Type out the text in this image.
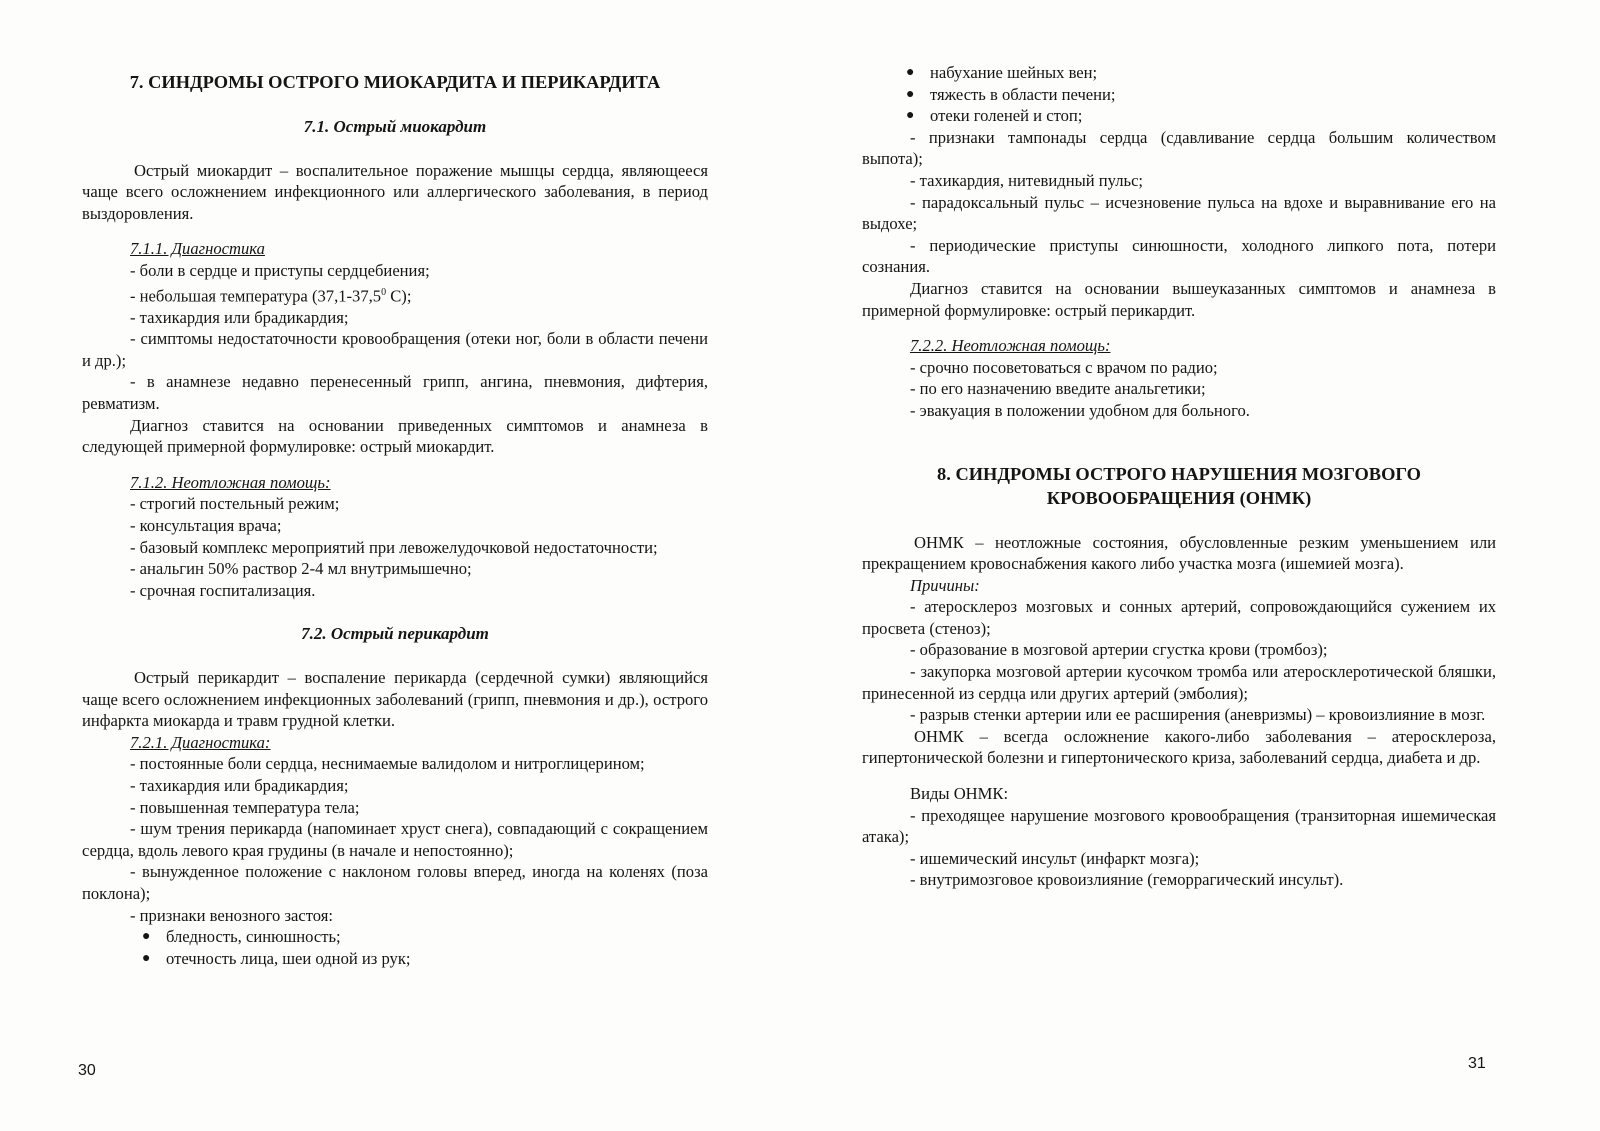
7. СИНДРОМЫ ОСТРОГО МИОКАРДИТА И ПЕРИКАРДИТА
7.1. Острый миокардит
Острый миокардит – воспалительное поражение мышцы сердца, являющееся чаще всего осложнением инфекционного или аллергического заболевания, в период выздоровления.
7.1.1. Диагностика
- боли в сердце и приступы сердцебиения;
- небольшая температура (37,1-37,5$^0$ С);
- тахикардия или брадикардия;
- симптомы недостаточности кровообращения (отеки ног, боли в области печени и др.);
- в анамнезе недавно перенесенный грипп, ангина, пневмония, дифтерия, ревматизм.
Диагноз ставится на основании приведенных симптомов и анамнеза в следующей примерной формулировке: острый миокардит.
7.1.2. Неотложная помощь:
- строгий постельный режим;
- консультация врача;
- базовый комплекс мероприятий при левожелудочковой недостаточности;
- анальгин 50% раствор 2-4 мл внутримышечно;
- срочная госпитализация.
7.2. Острый перикардит
Острый перикардит – воспаление перикарда (сердечной сумки) являющийся чаще всего осложнением инфекционных заболеваний (грипп, пневмония и др.), острого инфаркта миокарда и травм грудной клетки.
7.2.1. Диагностика:
- постоянные боли сердца, неснимаемые валидолом и нитроглицерином;
- тахикардия или брадикардия;
- повышенная температура тела;
- шум трения перикарда (напоминает хруст снега), совпадающий с сокращением сердца, вдоль левого края грудины (в начале и непостоянно);
- вынужденное положение с наклоном головы вперед, иногда на коленях (поза поклона);
- признаки венозного застоя:
● бледность, синюшность;
● отечность лица, шеи одной из рук;
30
● набухание шейных вен;
● тяжесть в области печени;
● отеки голеней и стоп;
- признаки тампонады сердца (сдавливание сердца большим количеством выпота);
- тахикардия, нитевидный пульс;
- парадоксальный пульс – исчезновение пульса на вдохе и выравнивание его на выдохе;
- периодические приступы синюшности, холодного липкого пота, потери сознания.
Диагноз ставится на основании вышеуказанных симптомов и анамнеза в примерной формулировке: острый перикардит.
7.2.2. Неотложная помощь:
- срочно посоветоваться с врачом по радио;
- по его назначению введите анальгетики;
- эвакуация в положении удобном для больного.
8. СИНДРОМЫ ОСТРОГО НАРУШЕНИЯ МОЗГОВОГО
КРОВООБРАЩЕНИЯ (ОНМК)
ОНМК – неотложные состояния, обусловленные резким уменьшением или прекращением кровоснабжения какого либо участка мозга (ишемией мозга).
Причины:
- атеросклероз мозговых и сонных артерий, сопровождающийся сужением их просвета (стеноз);
- образование в мозговой артерии сгустка крови (тромбоз);
- закупорка мозговой артерии кусочком тромба или атеросклеротической бляшки, принесенной из сердца или других артерий (эмболия);
- разрыв стенки артерии или ее расширения (аневризмы) – кровоизлияние в мозг.
ОНМК – всегда осложнение какого-либо заболевания – атеросклероза, гипертонической болезни и гипертонического криза, заболеваний сердца, диабета и др.
Виды ОНМК:
- преходящее нарушение мозгового кровообращения (транзиторная ишемическая атака);
- ишемический инсульт (инфаркт мозга);
- внутримозговое кровоизлияние (геморрагический инсульт).
31
